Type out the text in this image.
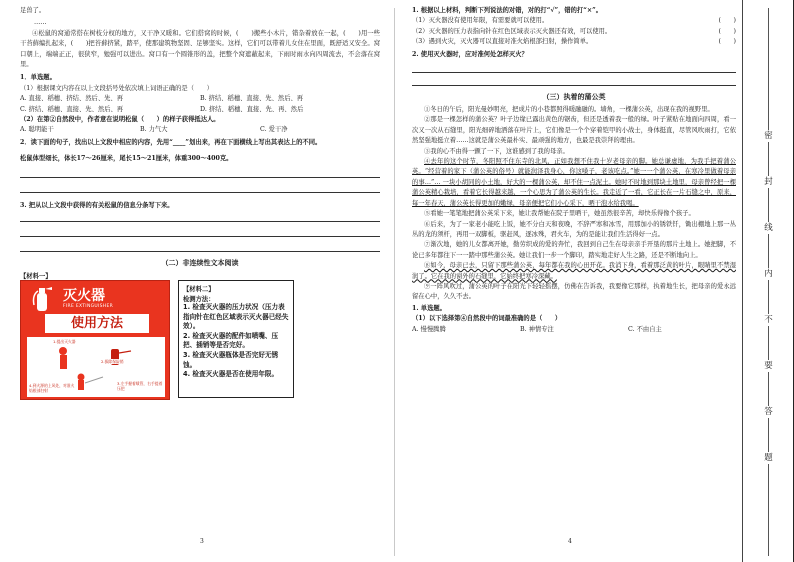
足兽了。
……
④松鼠的窝通常搭在树枝分杈的地方，又干净又暖和。它们搭窝的时候，(　　)搬些小木片，错杂着放在一起，(　　)用一些干苔藓编扎起来，(　　)把苔藓挤紧，踏平，使那建筑物坚固、足够坚实。这样，它们可以带着儿女住在里面，既舒适又安全。窝口朝上，端端正正，很狭窄，勉强可以进出。窝口有一个圆锥形的盖，把整个窝遮蔽起来，下雨时雨水向四周流去，不会落在窝里。
1．单选题。
（1）根据课文内容在以上文段括号处依次填上词语正确的是（　　）
A. 直接、稻穗、挤结、然后、先、再	B. 挤结、稻穗、直接、先、然后、再
C. 挤结、稻穗、直接、先、然后、再	D. 挤结、稻穗、直接、先、再、然后
（2）在第②自然段中，作者意在说明松鼠（　　）的样子获得抵达人。
A. 聪明能干	B. 力气大	C. 爱干净
2．读下面的句子，找出以上文段中相应的内容，先用“____”划出来，再在下面横线上写出其表达上的不同。
松鼠体型细长，体长17～26厘米，尾长15～21厘米，体重300～400克。
3. 把从以上文段中获得的有关松鼠的信息分条写下来。
（二）非连续性文本阅读
【材料一】
灭火器
FIRE EXTINGUISHER
使用方法
1.提出灭火器
2.拔除保险销
4.到火源的上风处，对准火焰根部扫射
3.左手握着喷管，右手提着压把
【材料二】
检测方法：
1. 检查灭火器的压力状况（压力表指向针在红色区域表示灭火器已经失效）。
2. 检查灭火器的配件如喷嘴、压把、插销等是否完好。
3. 检查灭火器瓶体是否完好无锈蚀。
4. 检查灭火器是否在使用年限。
3
1. 根据以上材料，判断下列说法的对错，对的打“√”，错的打“×”。
（1）灭火器没有使用年限，有需要就可以使用。	(　　)
（2）灭火器的压力表指向针在红色区域表示灭火器还有效，可以使用。	(　　)
（3）遇到火灾，灭火器可以直接对准火焰根部扫射，操作简单。	(　　)
2. 使用灭火器时，应对准何处怎样灭火？
（三）执着的蒲公英
①冬日的午后，阳光曼妙明亮，把成片的小巷都照得暖融融的。墙角，一棵蒲公英，出现在我的视野里。
②那是一棵怎样的蒲公英？叶子边缘已露出黄色的锯齿，但还是透着我一般的绿。叶子紧贴在地面向四周，看一次又一次从石缝里，阳光细碎地洒落在叶片上，它们像是一个个穿着铠甲的小战士，身体挺直，尽管风吹雨打，它依然坚强地挺立着……这就是蒲公英最朴实、最顽强的地方，也最是我崇拜的理由。
③我的心不由得一颤了一下，这谁感到了我的母亲。
④去年的这个时节，冬阳照不住东寺的北风，正如我想不住我十岁老母亲的脚。她总谦虚地，为我手把着蒲公英。“经营着的家下（蒲公英的俗号）就能润泽我身心，你这嗓子，老该吃点。”她一一个蒲公英，在寒冷里做着母亲的事…”… 一块小胡同的小土地，好大的一棵蒲公英，却不住一点泥土。她时不时地到那块土地里，母亲曾经把一棵蒲公英精心栽培，看着它长得越来越，一个心思为了蒲公英的生长。我走近了一看，它正长在一片石缝之中，原来，每一年春天，蒲公英长得更加的嫩绿，母亲便把它们小心采下，晒干泡水给我喝。
⑤看她一笔笔地把蒲公英采下来，她让我帮她在院子里晒干，她虽然很辛苦，却快乐得像个孩子。
⑥后来，为了一家老小能吃上饭，她不分白天和夜晚，不辞严寒和冰雪，用那加小的锈铁钎，锄出棚地上那一丛丛的龙的须杆，再用一双脚板，驱赶风，逐冰殊，君火车，为的是能让我们生活得好一点。
⑦渐次地，她的儿女都离开她，勤劳织成的爱的奔忙，我回到自己生在母亲亲手开垦的那片土地上。她把脚，不论已多年都往下一一踏中那些蒲公英。她让我们一步一个脚印，踏实地走好人生之路，还是不断地向上。
⑧如今，母亲已去，只留下那些蒲公英，每年都在我的心田开花。我消下身，看着那泛黄的叶片，眼睛里不禁湿润了。它在我的窗外的石缝里，它始终把寒冷深藏。
⑨一阵风吹过，蒲公英的叶子在阳光下轻轻摇摆，仿佛在告诉我，我要像它那样，执着地生长，把母亲的爱永远留在心中，久久不去。
1. 单选题。
（1）以下选择第④自然段中的词最准确的是（　　）
A. 慢慢腾腾	B. 神情专注	C. 不由自主
4
密
封
线
内
不
要
答
题
